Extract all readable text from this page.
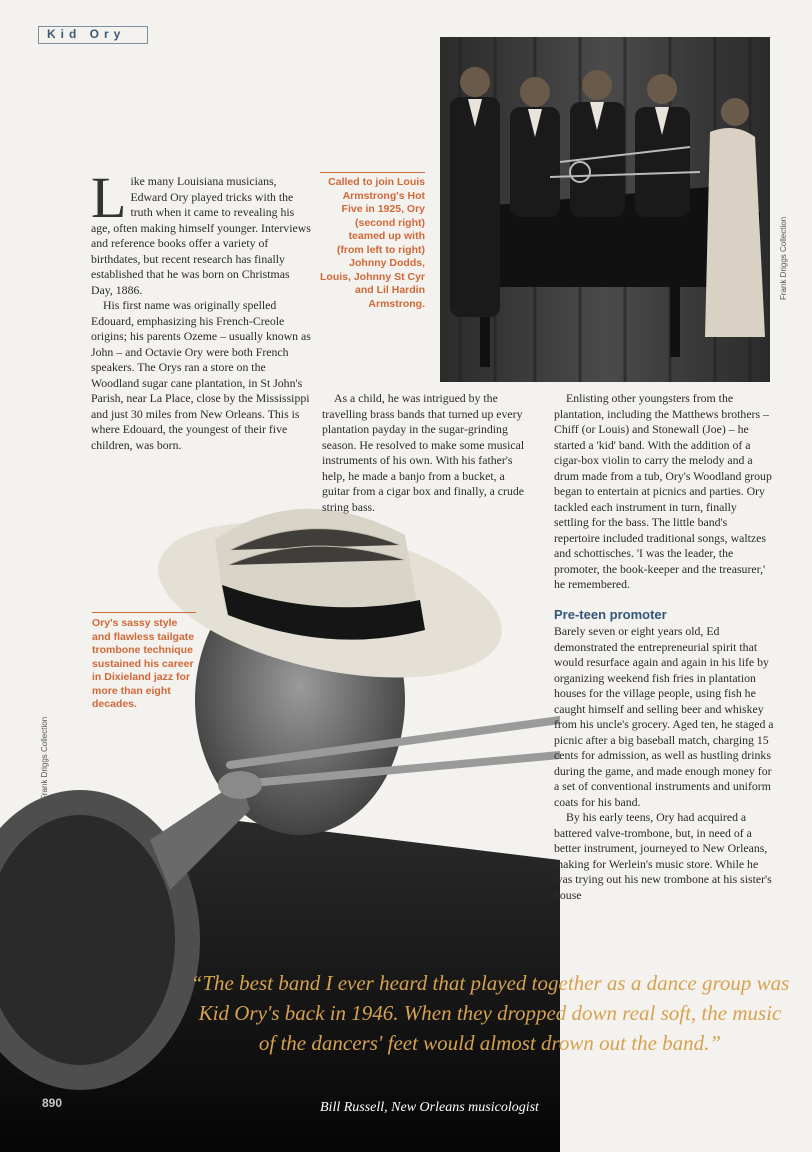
Kid Ory
Frank Driggs Collection
Called to join Louis Armstrong's Hot Five in 1925, Ory (second right) teamed up with (from left to right) Johnny Dodds, Louis, Johnny St Cyr and Lil Hardin Armstrong.

Like many Louisiana musicians, Edward Ory played tricks with the truth when it came to revealing his age, often making himself younger. Interviews and reference books offer a variety of birthdates, but recent research has finally established that he was born on Christmas Day, 1886.

His first name was originally spelled Edouard, emphasizing his French-Creole origins; his parents Ozeme – usually known as John – and Octavie Ory were both French speakers. The Orys ran a store on the Woodland sugar cane plantation, in St John's Parish, near La Place, close by the Mississippi and just 30 miles from New Orleans. This is where Edouard, the youngest of their five children, was born.

As a child, he was intrigued by the travelling brass bands that turned up every plantation payday in the sugar-grinding season. He resolved to make some musical instruments of his own. With his father's help, he made a banjo from a bucket, a guitar from a cigar box and finally, a crude string bass.

Enlisting other youngsters from the plantation, including the Matthews brothers – Chiff (or Louis) and Stonewall (Joe) – he started a 'kid' band. With the addition of a cigar-box violin to carry the melody and a drum made from a tub, Ory's Woodland group began to entertain at picnics and parties. Ory tackled each instrument in turn, finally settling for the bass. The little band's repertoire included traditional songs, waltzes and schottisches. 'I was the leader, the promoter, the book-keeper and the treasurer,' he remembered.

Pre-teen promoter

Barely seven or eight years old, Ed demonstrated the entrepreneurial spirit that would resurface again and again in his life by organizing weekend fish fries in plantation houses for the village people, using fish he caught himself and selling beer and whiskey from his uncle's grocery. Aged ten, he staged a picnic after a big baseball match, charging 15 cents for admission, as well as hustling drinks during the game, and made enough money for a set of conventional instruments and uniform coats for his band.

By his early teens, Ory had acquired a battered valve-trombone, but, in need of a better instrument, journeyed to New Orleans, making for Werlein's music store. While he was trying out his new trombone at his sister's house

Ory's sassy style and flawless tailgate trombone technique sustained his career in Dixieland jazz for more than eight decades.
Frank Driggs Collection
“The best band I ever heard that played together as a dance group was Kid Ory's back in 1946. When they dropped down real soft, the music of the dancers' feet would almost drown out the band.”
Bill Russell, New Orleans musicologist
890
